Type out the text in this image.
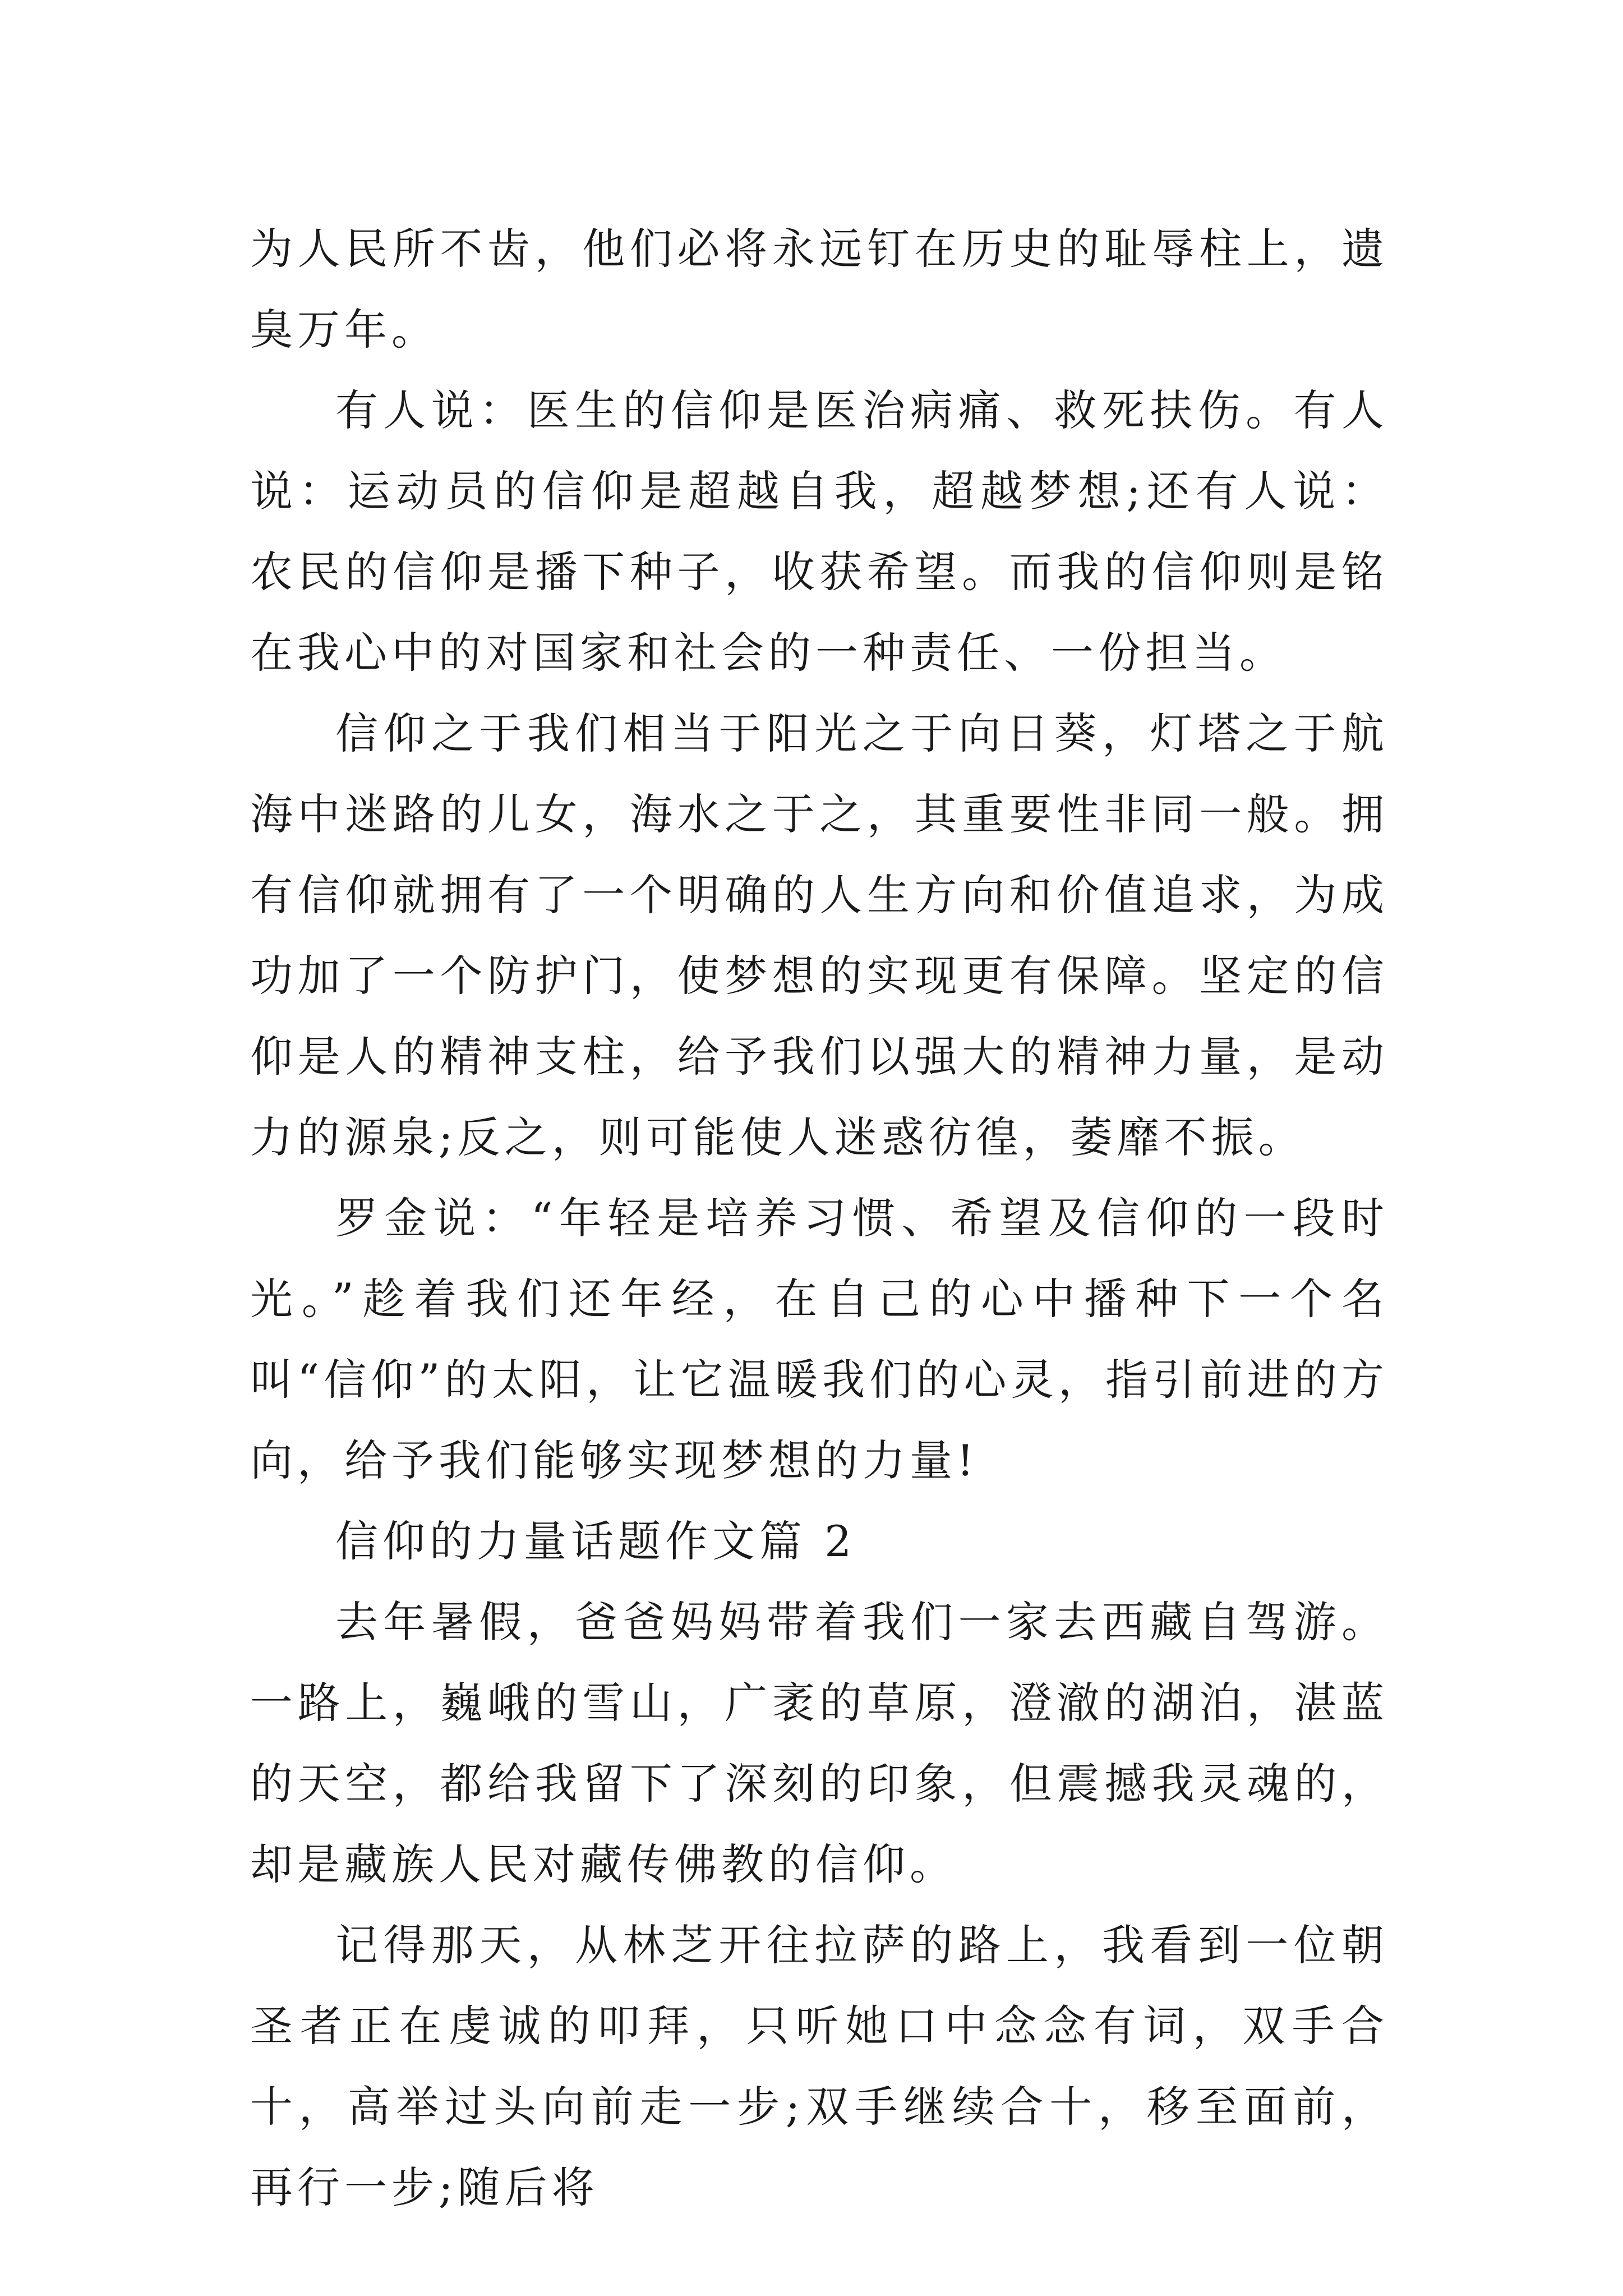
为人民所不齿，他们必将永远钉在历史的耻辱柱上，遗臭万年。

有人说：医生的信仰是医治病痛、救死扶伤。有人说：运动员的信仰是超越自我，超越梦想;还有人说：农民的信仰是播下种子，收获希望。而我的信仰则是铭在我心中的对国家和社会的一种责任、一份担当。

信仰之于我们相当于阳光之于向日葵，灯塔之于航海中迷路的儿女，海水之于之，其重要性非同一般。拥有信仰就拥有了一个明确的人生方向和价值追求，为成功加了一个防护门，使梦想的实现更有保障。坚定的信仰是人的精神支柱，给予我们以强大的精神力量，是动力的源泉;反之，则可能使人迷惑彷徨，萎靡不振。

罗金说：“年轻是培养习惯、希望及信仰的一段时光。”趁着我们还年经，在自己的心中播种下一个名叫“信仰”的太阳，让它温暖我们的心灵，指引前进的方向，给予我们能够实现梦想的力量!

信仰的力量话题作文篇 2

去年暑假，爸爸妈妈带着我们一家去西藏自驾游。一路上，巍峨的雪山，广袤的草原，澄澈的湖泊，湛蓝的天空，都给我留下了深刻的印象，但震撼我灵魂的，却是藏族人民对藏传佛教的信仰。

记得那天，从林芝开往拉萨的路上，我看到一位朝圣者正在虔诚的叩拜，只听她口中念念有词，双手合十，高举过头向前走一步;双手继续合十，移至面前，再行一步;随后将
